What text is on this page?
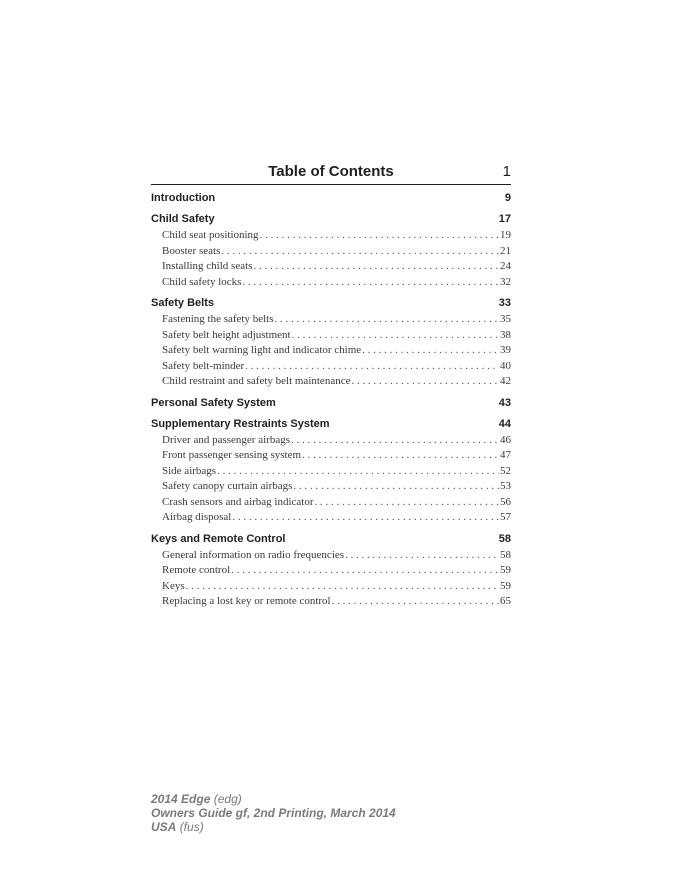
Table of Contents	1
Introduction	9
Child Safety	17
Child seat positioning . . .	19
Booster seats . . .	21
Installing child seats . . .	24
Child safety locks . . .	32
Safety Belts	33
Fastening the safety belts . . .	35
Safety belt height adjustment . . .	38
Safety belt warning light and indicator chime . . .	39
Safety belt-minder . . .	40
Child restraint and safety belt maintenance . . .	42
Personal Safety System	43
Supplementary Restraints System	44
Driver and passenger airbags . . .	46
Front passenger sensing system . . .	47
Side airbags . . .	52
Safety canopy curtain airbags . . .	53
Crash sensors and airbag indicator . . .	56
Airbag disposal . . .	57
Keys and Remote Control	58
General information on radio frequencies . . .	58
Remote control . . .	59
Keys . . .	59
Replacing a lost key or remote control . . .	65
2014 Edge (edg)
Owners Guide gf, 2nd Printing, March 2014
USA (fus)
